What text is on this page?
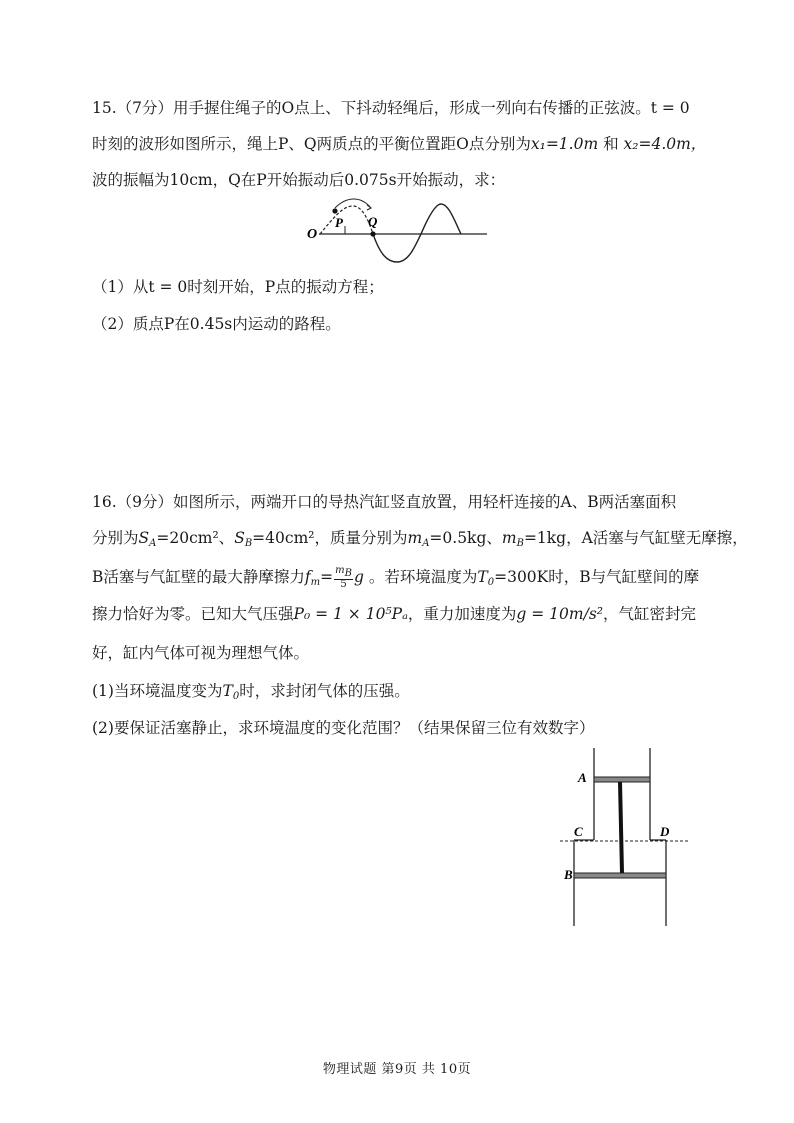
15.（7分）用手握住绳子的O点上、下抖动轻绳后，形成一列向右传播的正弦波。t = 0
时刻的波形如图所示，绳上P、Q两质点的平衡位置距O点分别为x₁=1.0m 和 x₂=4.0m，
波的振幅为10cm，Q在P开始振动后0.075s开始振动，求：
O
P Q
（1）从t = 0时刻开始，P点的振动方程；
（2）质点P在0.45s内运动的路程。
16.（9分）如图所示，两端开口的导热汽缸竖直放置，用轻杆连接的A、B两活塞面积
分别为$S_A=20cm^2$、$S_B=40cm^2$，质量分别为$m_A=0.5kg$、$m_B=1kg$，A活塞与气缸壁无摩擦，
B活塞与气缸壁的最大静摩擦力$f_m= \frac{m_B}{5}$ g 。若环境温度为$T_0=300K$时，B与气缸壁间的摩
擦力恰好为零。已知大气压强P₀ = 1 × 10⁵Pₐ，重力加速度为g = 10m/s²，气缸密封完
好，缸内气体可视为理想气体。
(1)当环境温度变为$T_0$时，求封闭气体的压强。
(2)要保证活塞静止，求环境温度的变化范围？（结果保留三位有效数字）
A
B
C	D
物理试题 第9页 共 10页
